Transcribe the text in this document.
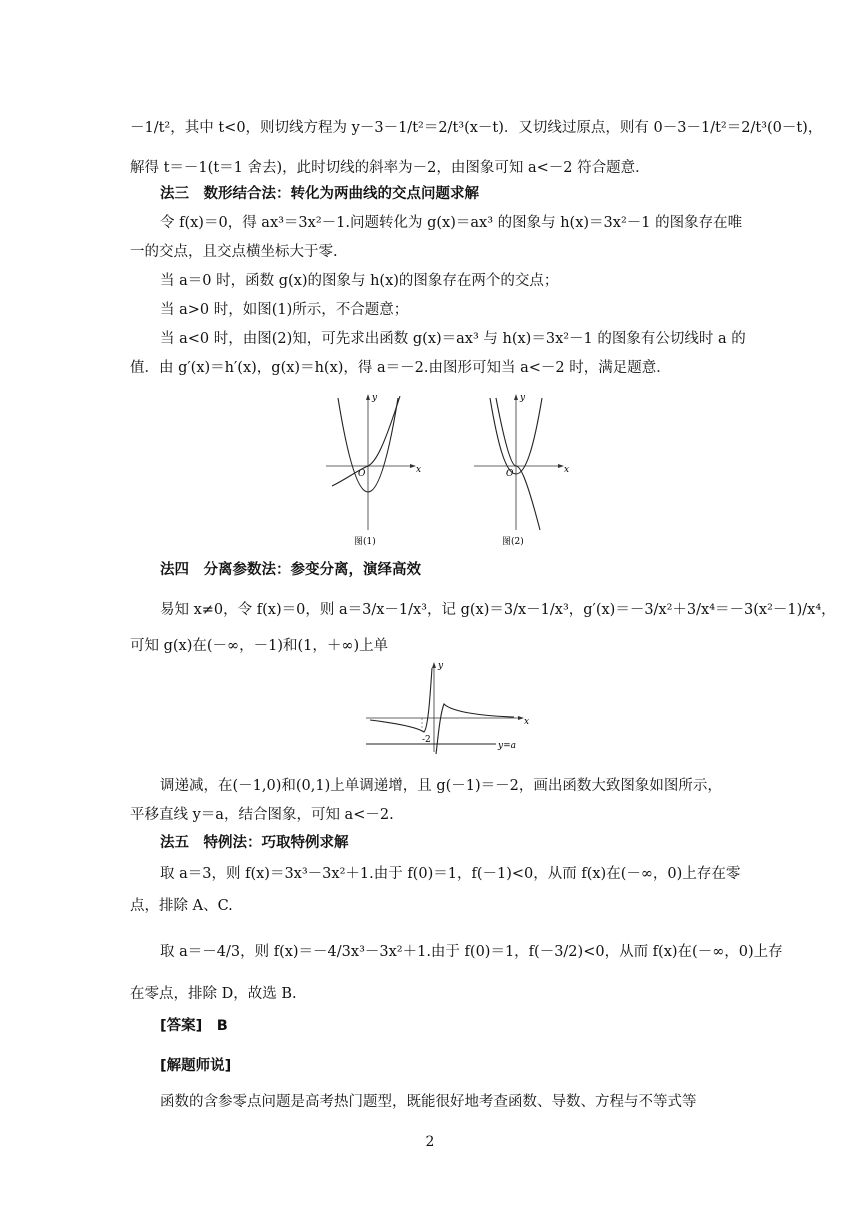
－1/t²，其中 t<0，则切线方程为 y－3－1/t²＝2/t³(x－t)．又切线过原点，则有 0－3－1/t²＝2/t³(0－t)，
解得 t＝－1(t＝1 舍去)，此时切线的斜率为－2，由图象可知 a<－2 符合题意．
法三　数形结合法：转化为两曲线的交点问题求解
令 f(x)＝0，得 ax³＝3x²－1.问题转化为 g(x)＝ax³ 的图象与 h(x)＝3x²－1 的图象存在唯
一的交点，且交点横坐标大于零.
当 a＝0 时，函数 g(x)的图象与 h(x)的图象存在两个的交点；
当 a>0 时，如图(1)所示，不合题意；
当 a<0 时，由图(2)知，可先求出函数 g(x)＝ax³ 与 h(x)＝3x²－1 的图象有公切线时 a 的
值．由 g′(x)＝h′(x)，g(x)＝h(x)，得 a＝－2.由图形可知当 a<－2 时，满足题意．
x
y
O
图(1)
x
y
O
图(2)
法四　分离参数法：参变分离，演绎高效
易知 x≠0，令 f(x)＝0，则 a＝3/x－1/x³，记 g(x)＝3/x－1/x³，g′(x)＝－3/x²＋3/x⁴＝－3(x²－1)/x⁴，
可知 g(x)在(－∞，－1)和(1，＋∞)上单
x
y
-2
y=a
调递减，在(－1,0)和(0,1)上单调递增，且 g(－1)＝－2，画出函数大致图象如图所示，
平移直线 y＝a，结合图象，可知 a<－2.
法五　特例法：巧取特例求解
取 a＝3，则 f(x)＝3x³－3x²＋1.由于 f(0)＝1，f(－1)<0，从而 f(x)在(－∞，0)上存在零
点，排除 A、C.
取 a＝－4/3，则 f(x)＝－4/3x³－3x²＋1.由于 f(0)＝1，f(－3/2)<0，从而 f(x)在(－∞，0)上存
在零点，排除 D，故选 B.
[答案]　B
[解题师说]
函数的含参零点问题是高考热门题型，既能很好地考查函数、导数、方程与不等式等
2
